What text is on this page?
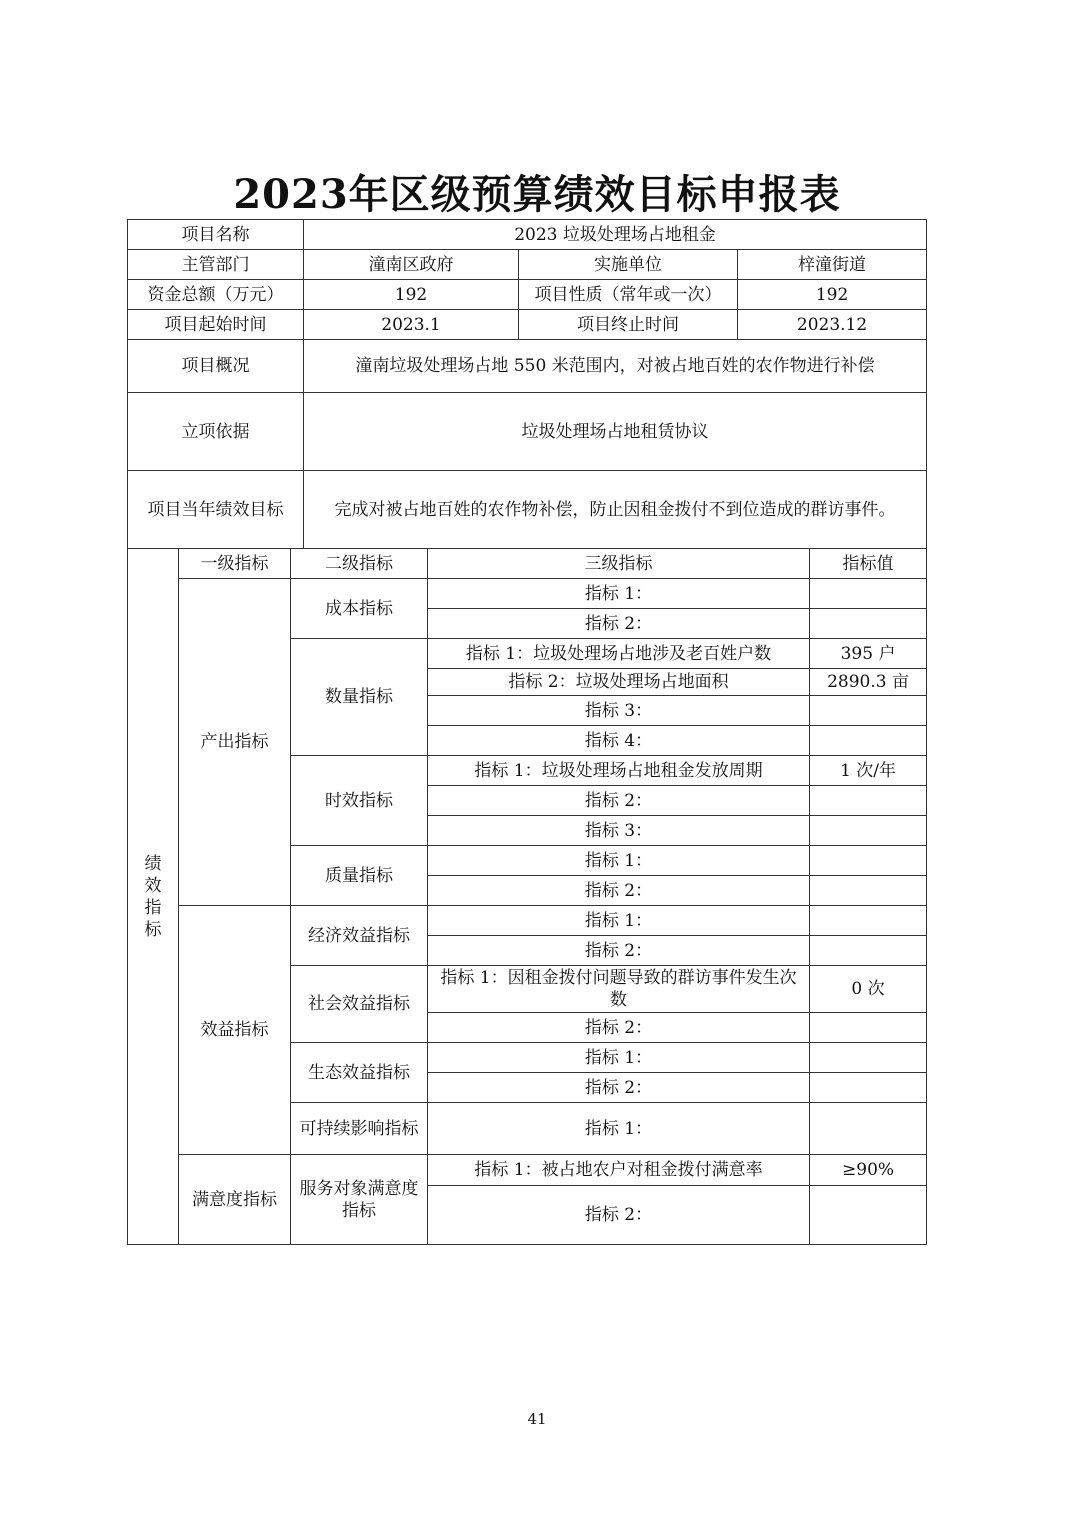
2023年区级预算绩效目标申报表
项目名称			2023 垃圾处理场占地租金				
主管部门			潼南区政府		实施单位	梓潼街道	
资金总额（万元）			192		项目性质（常年或一次）	192	
项目起始时间			2023.1		项目终止时间	2023.12	
项目概况			潼南垃圾处理场占地 550 米范围内，对被占地百姓的农作物进行补偿				
立项依据			垃圾处理场占地租赁协议				
项目当年绩效目标			完成对被占地百姓的农作物补偿，防止因租金拨付不到位造成的群访事件。				

绩
效
指
标	一级指标	二级指标		三级指标			指标值
	产出指标	成本指标		指标 1：			
				指标 2：			
		数量指标		指标 1：垃圾处理场占地涉及老百姓户数			395 户
				指标 2：垃圾处理场占地面积			2890.3 亩
				指标 3：			
				指标 4：			
		时效指标		指标 1：垃圾处理场占地租金发放周期			1 次/年
				指标 2：			
				指标 3：			
		质量指标		指标 1：			
				指标 2：			
	效益指标	经济效益指标		指标 1：			
				指标 2：			
		社会效益指标		指标 1：因租金拨付问题导致的群访事件发生次数			0 次
				指标 2：			
		生态效益指标		指标 1：			
				指标 2：			
		可持续影响指标		指标 1：			
	满意度指标	服务对象满意度指标		指标 1：被占地农户对租金拨付满意率			≥90%
				指标 2：			
41
